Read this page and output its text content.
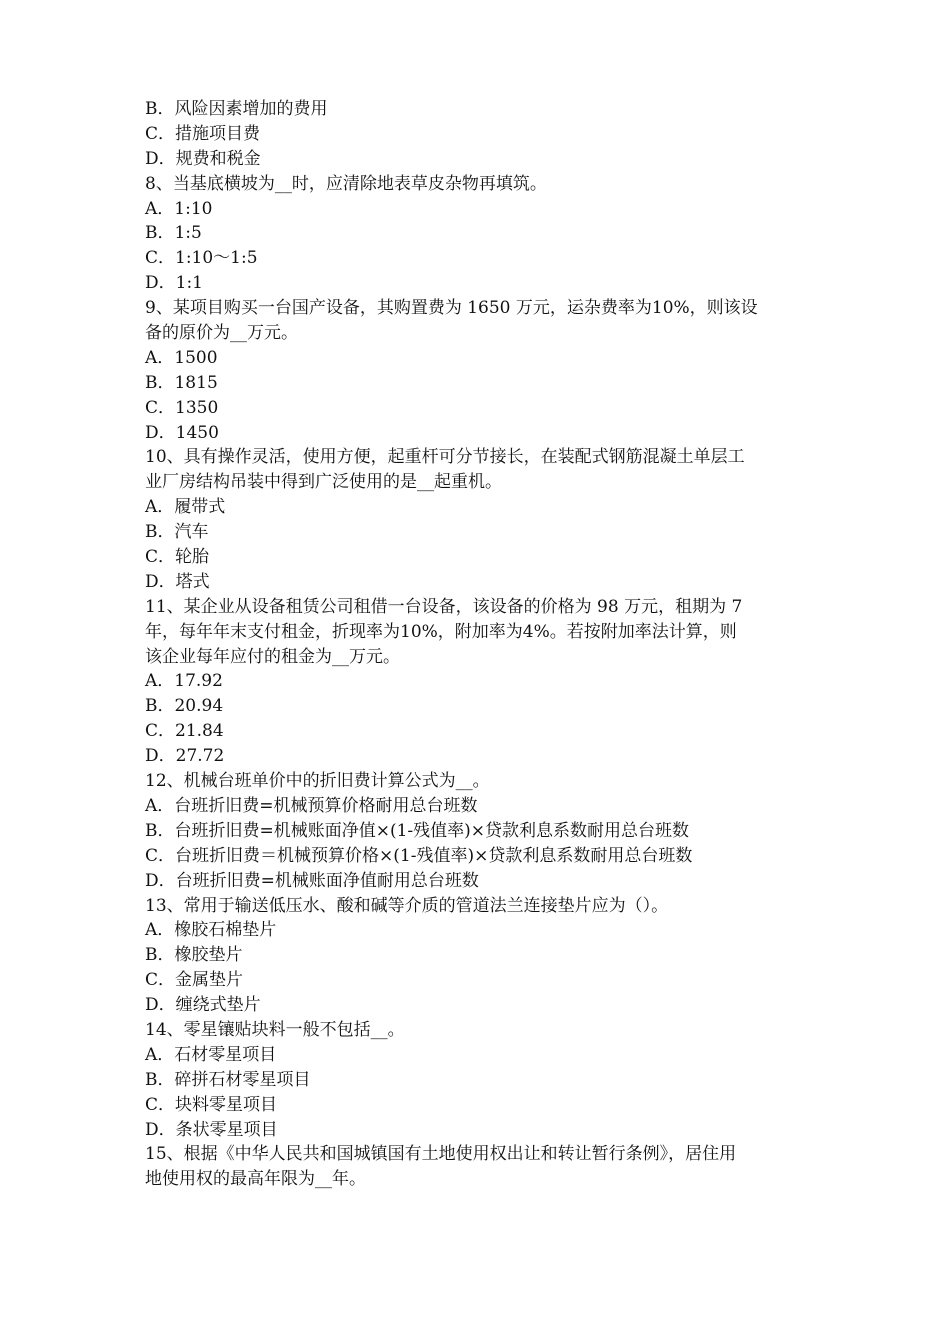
B．风险因素增加的费用
C．措施项目费
D．规费和税金
8、当基底横坡为__时，应清除地表草皮杂物再填筑。
A．1:10
B．1:5
C．1:10～1:5
D．1:1
9、某项目购买一台国产设备，其购置费为 1650 万元，运杂费率为10%，则该设
备的原价为__万元。
A．1500
B．1815
C．1350
D．1450
10、具有操作灵活，使用方便，起重杆可分节接长，在装配式钢筋混凝土单层工
业厂房结构吊装中得到广泛使用的是__起重机。
A．履带式
B．汽车
C．轮胎
D．塔式
11、某企业从设备租赁公司租借一台设备，该设备的价格为 98 万元，租期为 7
年，每年年末支付租金，折现率为10%，附加率为4%。若按附加率法计算，则
该企业每年应付的租金为__万元。
A．17.92
B．20.94
C．21.84
D．27.72
12、机械台班单价中的折旧费计算公式为__。
A．台班折旧费=机械预算价格耐用总台班数
B．台班折旧费=机械账面净值×(1-残值率)×贷款利息系数耐用总台班数
C．台班折旧费＝机械预算价格×(1-残值率)×贷款利息系数耐用总台班数
D．台班折旧费=机械账面净值耐用总台班数
13、常用于输送低压水、酸和碱等介质的管道法兰连接垫片应为（）。
A．橡胶石棉垫片
B．橡胶垫片
C．金属垫片
D．缠绕式垫片
14、零星镶贴块料一般不包括__。
A．石材零星项目
B．碎拼石材零星项目
C．块料零星项目
D．条状零星项目
15、根据《中华人民共和国城镇国有土地使用权出让和转让暂行条例》，居住用
地使用权的最高年限为__年。
